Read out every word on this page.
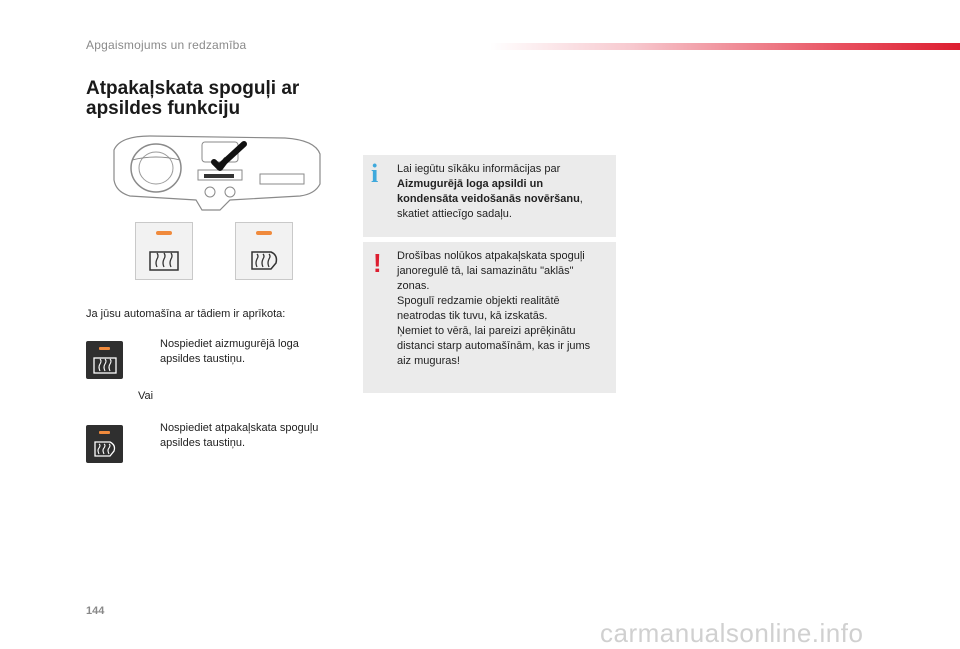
Apgaismojums un redzamība
Atpakaļskata spoguļi ar
apsildes funkciju
Ja jūsu automašīna ar tādiem ir aprīkota:
Nospiediet aizmugurējā loga
apsildes taustiņu.
Vai
Nospiediet atpakaļskata spoguļu
apsildes taustiņu.
i Lai iegūtu sīkāku informācijas par
Aizmugurējā loga apsildi un
kondensāta veidošanās novēršanu,
skatiet attiecīgo sadaļu.
! Drošības nolūkos atpakaļskata spoguļi
janoregulē tā, lai samazinātu "aklās"
zonas.
Spogulī redzamie objekti realitātē
neatrodas tik tuvu, kā izskatās.
Ņemiet to vērā, lai pareizi aprēķinātu
distanci starp automašīnām, kas ir jums
aiz muguras!
144
carmanualsonline.info
